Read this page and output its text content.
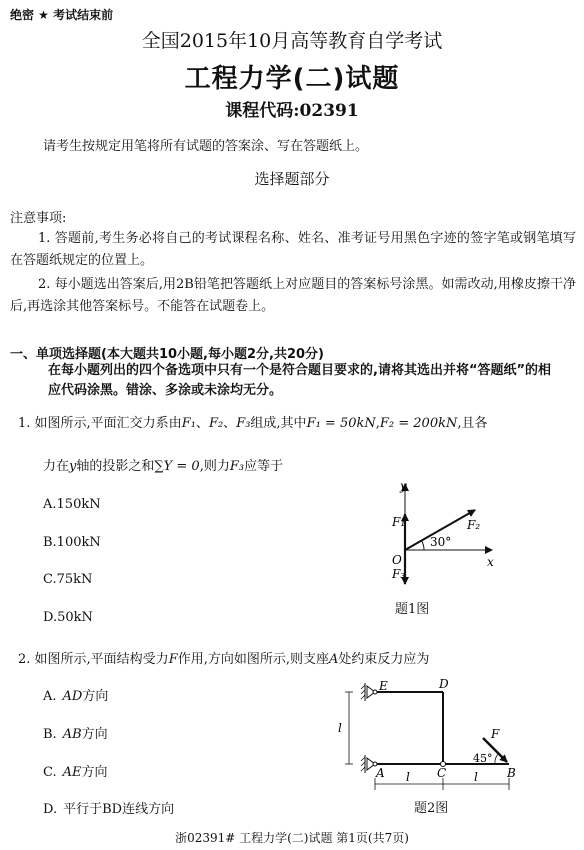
绝密 ★ 考试结束前
全国2015年10月高等教育自学考试
工程力学(二)试题
课程代码:02391
请考生按规定用笔将所有试题的答案涂、写在答题纸上。
选择题部分
注意事项:
1. 答题前,考生务必将自己的考试课程名称、姓名、准考证号用黑色字迹的签字笔或钢笔填写在答题纸规定的位置上。
2. 每小题选出答案后,用2B铅笔把答题纸上对应题目的答案标号涂黑。如需改动,用橡皮擦干净后,再选涂其他答案标号。不能答在试题卷上。
一、单项选择题(本大题共10小题,每小题2分,共20分)
在每小题列出的四个备选项中只有一个是符合题目要求的,请将其选出并将“答题纸”的相应代码涂黑。错涂、多涂或未涂均无分。
1. 如图所示,平面汇交力系由F₁、F₂、F₃组成,其中F₁ = 50kN,F₂ = 200kN,且各
力在y轴的投影之和∑Y = 0,则力F₃应等于
A.150kN
B.100kN
C.75kN
D.50kN
y
x
O
F₁	F₂
F₃
30°
题1图
2. 如图所示,平面结构受力F作用,方向如图所示,则支座A处约束反力应为
A. AD方向
B. AB方向
C. AE方向
D. 平行于BD连线方向
E	D
A	C	B
F
45°
l
l	l
题2图
浙02391# 工程力学(二)试题 第1页(共7页)
